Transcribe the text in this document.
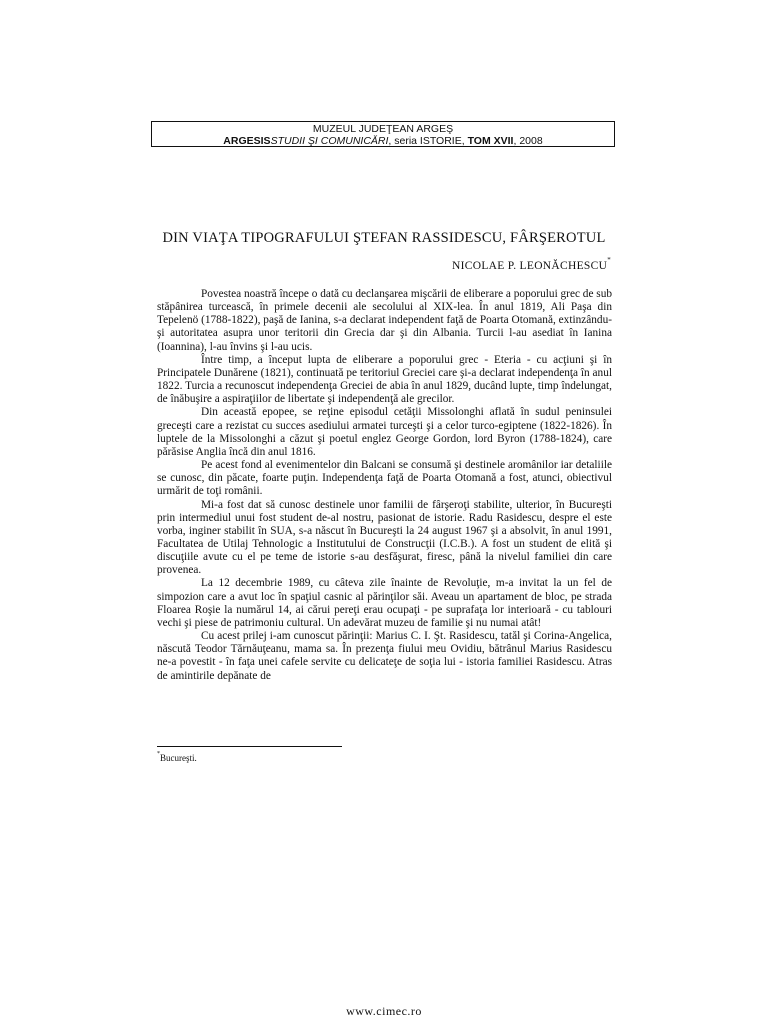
MUZEUL JUDEŢEAN ARGEŞ
ARGESISSTUDII ŞI COMUNICĂRI, seria ISTORIE, TOM XVII, 2008
DIN VIAŢA TIPOGRAFULUI ŞTEFAN RASSIDESCU, FÂRŞEROTUL
NICOLAE P. LEONĂCHESCU*

Povestea noastră începe o dată cu declanşarea mişcării de eliberare a poporului grec de sub stăpânirea turcească, în primele decenii ale secolului al XIX-lea. În anul 1819, Ali Paşa din Tepelenö (1788-1822), paşă de Ianina, s-a declarat independent faţă de Poarta Otomană, extinzându-şi autoritatea asupra unor teritorii din Grecia dar şi din Albania. Turcii l-au asediat în Ianina (Ioannina), l-au învins şi l-au ucis.

Între timp, a început lupta de eliberare a poporului grec - Eteria - cu acţiuni şi în Principatele Dunărene (1821), continuată pe teritoriul Greciei care şi-a declarat independenţa în anul 1822. Turcia a recunoscut independenţa Greciei de abia în anul 1829, ducând lupte, timp îndelungat, de înăbuşire a aspiraţiilor de libertate şi independenţă ale grecilor.

Din această epopee, se reţine episodul cetăţii Missolonghi aflată în sudul peninsulei greceşti care a rezistat cu succes asediului armatei turceşti şi a celor turco-egiptene (1822-1826). În luptele de la Missolonghi a căzut şi poetul englez George Gordon, lord Byron (1788-1824), care părăsise Anglia încă din anul 1816.

Pe acest fond al evenimentelor din Balcani se consumă şi destinele aromânilor iar detaliile se cunosc, din păcate, foarte puţin. Independenţa faţă de Poarta Otomană a fost, atunci, obiectivul urmărit de toţi românii.

Mi-a fost dat să cunosc destinele unor familii de fârşeroţi stabilite, ulterior, în Bucureşti prin intermediul unui fost student de-al nostru, pasionat de istorie. Radu Rasidescu, despre el este vorba, inginer stabilit în SUA, s-a născut în Bucureşti la 24 august 1967 şi a absolvit, în anul 1991, Facultatea de Utilaj Tehnologic a Institutului de Construcţii (I.C.B.). A fost un student de elită şi discuţiile avute cu el pe teme de istorie s-au desfăşurat, firesc, până la nivelul familiei din care provenea.

La 12 decembrie 1989, cu câteva zile înainte de Revoluţie, m-a invitat la un fel de simpozion care a avut loc în spaţiul casnic al părinţilor săi. Aveau un apartament de bloc, pe strada Floarea Roşie la numărul 14, ai cărui pereţi erau ocupaţi - pe suprafaţa lor interioară - cu tablouri vechi şi piese de patrimoniu cultural. Un adevărat muzeu de familie şi nu numai atât!

Cu acest prilej i-am cunoscut părinţii: Marius C. I. Şt. Rasidescu, tatăl şi Corina-Angelica, născută Teodor Tărnăuţeanu, mama sa. În prezenţa fiului meu Ovidiu, bătrânul Marius Rasidescu ne-a povestit - în faţa unei cafele servite cu delicateţe de soţia lui - istoria familiei Rasidescu. Atras de amintirile depănate de

*Bucureşti.
www.cimec.ro
